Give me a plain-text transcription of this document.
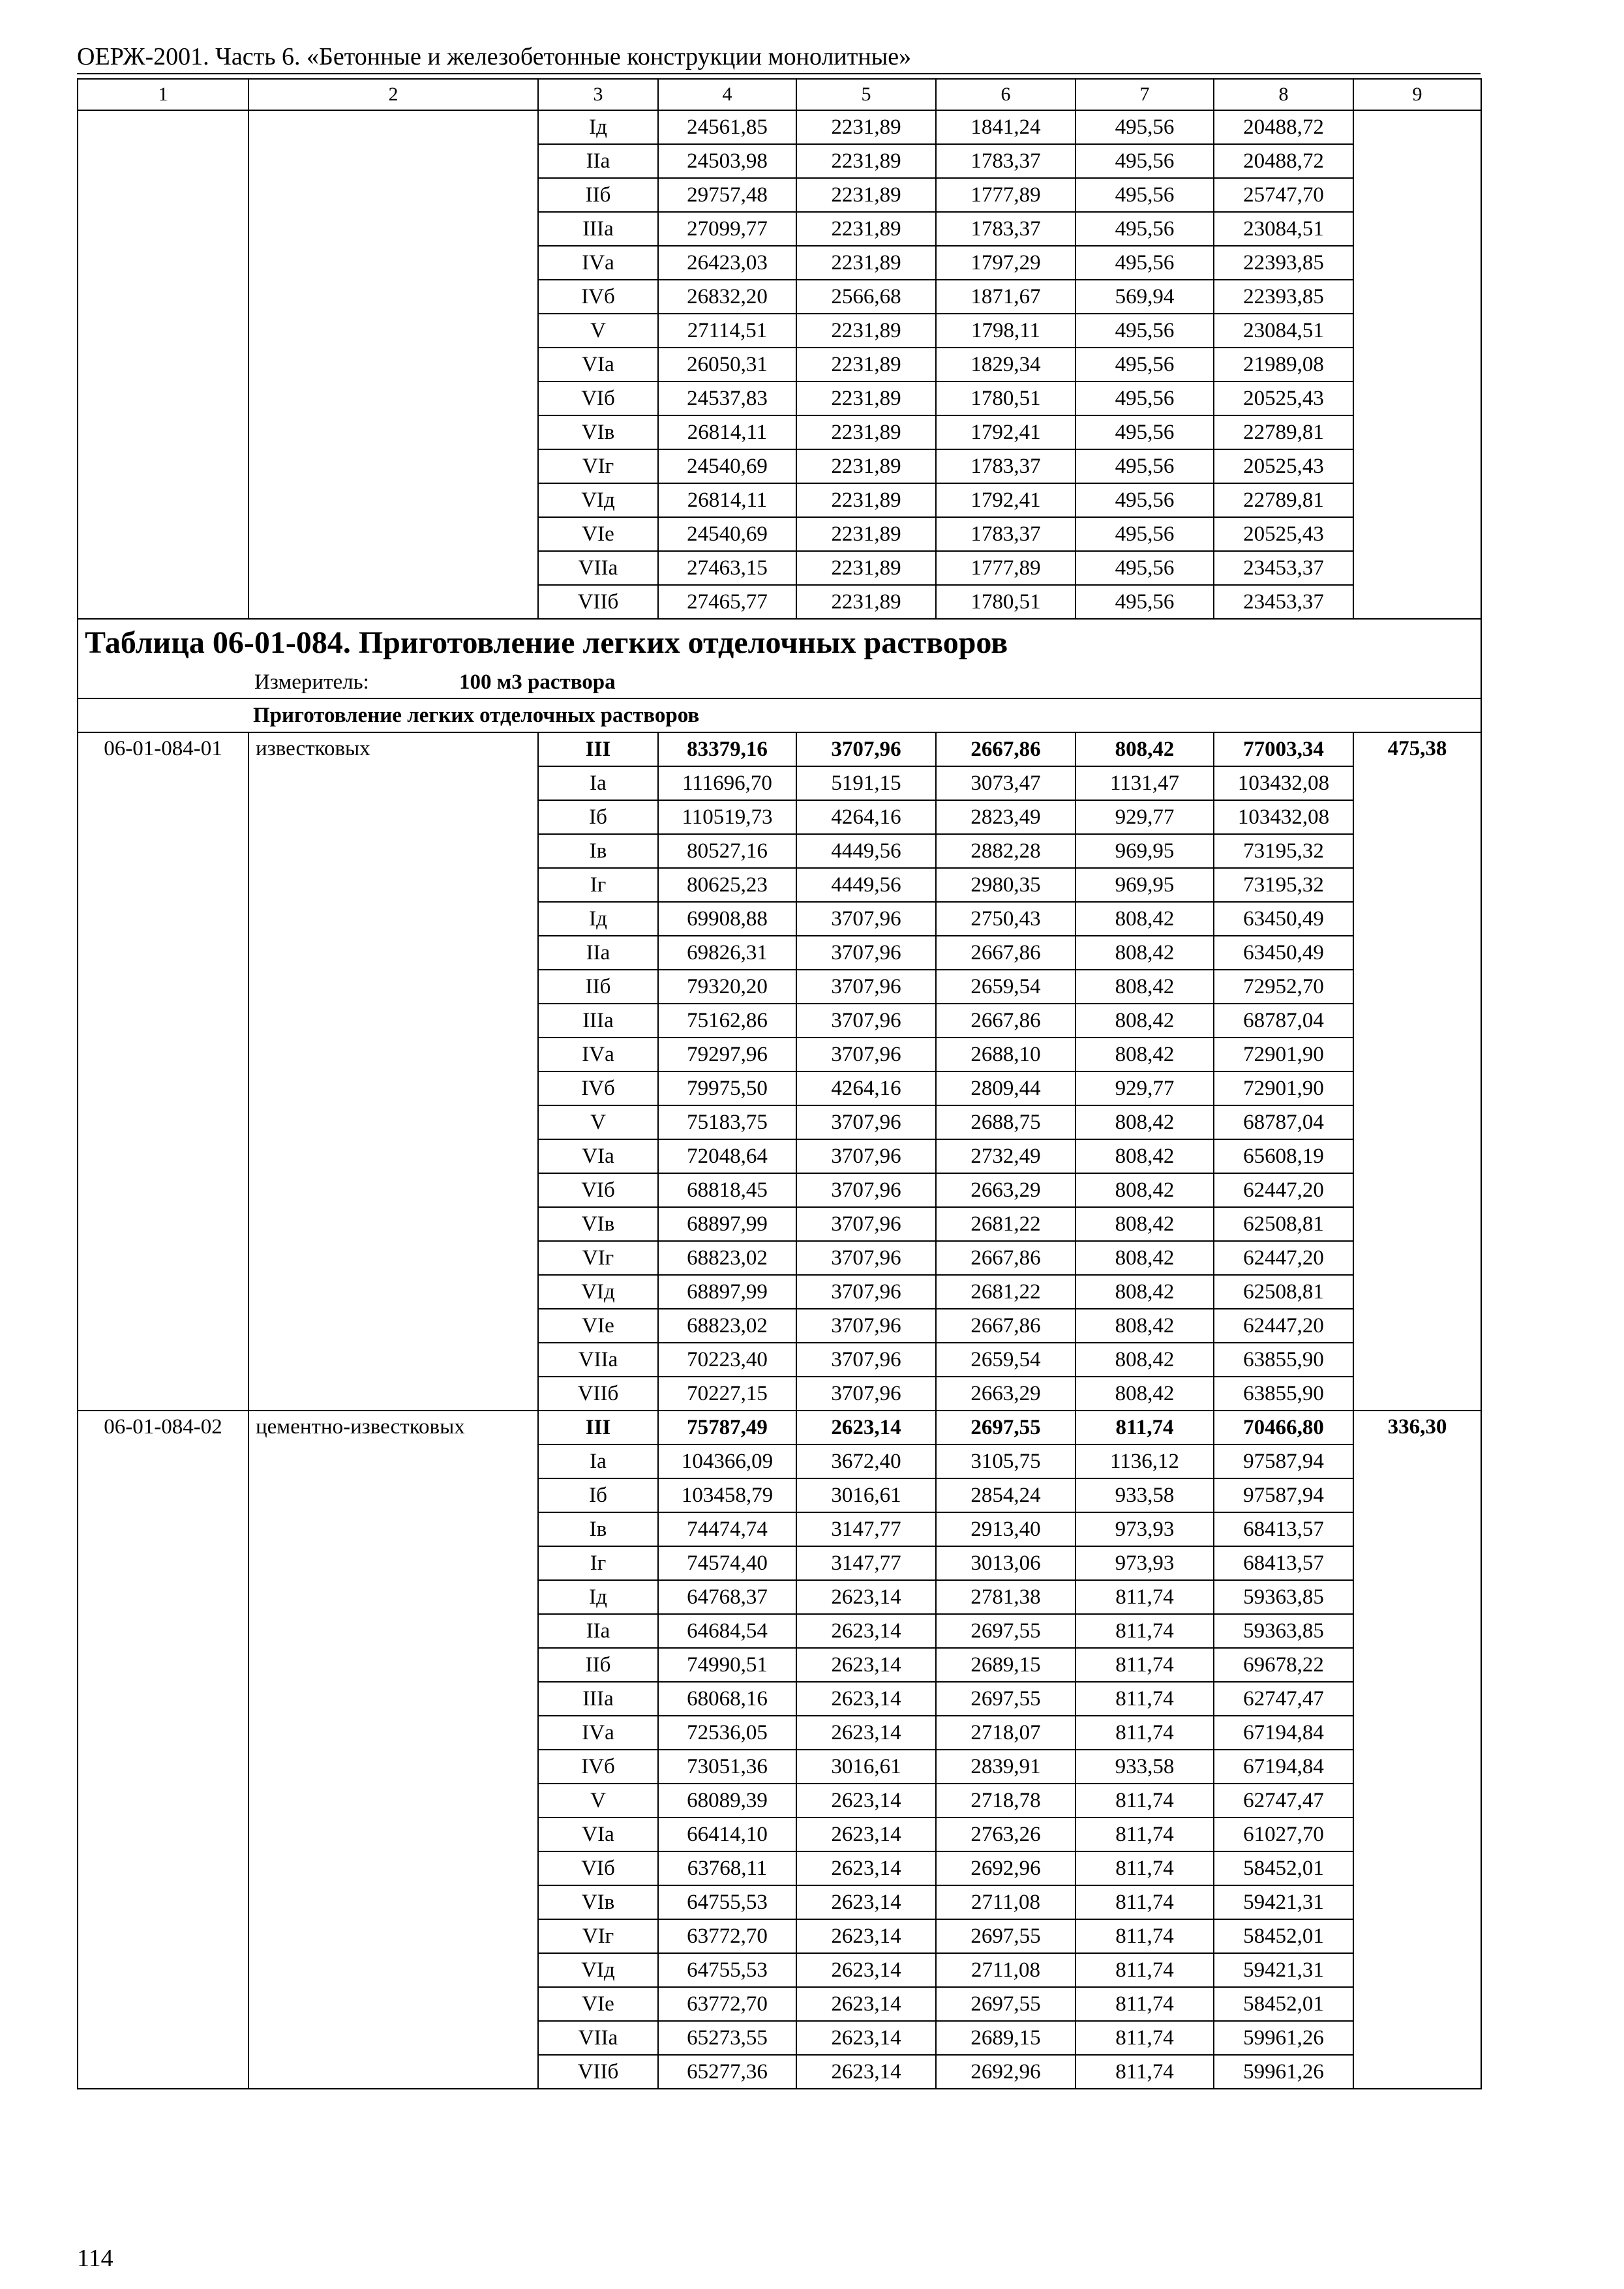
ОЕРЖ-2001. Часть 6. «Бетонные и железобетонные конструкции монолитные»
1	2	3	4	5	6	7	8	9
		Iд	24561,85	2231,89	1841,24	495,56	20488,72	
		IIа	24503,98	2231,89	1783,37	495,56	20488,72	
		IIб	29757,48	2231,89	1777,89	495,56	25747,70	
		IIIа	27099,77	2231,89	1783,37	495,56	23084,51	
		IVа	26423,03	2231,89	1797,29	495,56	22393,85	
		IVб	26832,20	2566,68	1871,67	569,94	22393,85	
		V	27114,51	2231,89	1798,11	495,56	23084,51	
		VIа	26050,31	2231,89	1829,34	495,56	21989,08	
		VIб	24537,83	2231,89	1780,51	495,56	20525,43	
		VIв	26814,11	2231,89	1792,41	495,56	22789,81	
		VIг	24540,69	2231,89	1783,37	495,56	20525,43	
		VIд	26814,11	2231,89	1792,41	495,56	22789,81	
		VIе	24540,69	2231,89	1783,37	495,56	20525,43	
		VIIа	27463,15	2231,89	1777,89	495,56	23453,37	
		VIIб	27465,77	2231,89	1780,51	495,56	23453,37	
Таблица 06-01-084. Приготовление легких отделочных растворов								
Измеритель: 100 м3 раствора								
Приготовление легких отделочных растворов								
06-01-084-01	известковых	III	83379,16	3707,96	2667,86	808,42	77003,34	475,38
		Iа	111696,70	5191,15	3073,47	1131,47	103432,08	
		Iб	110519,73	4264,16	2823,49	929,77	103432,08	
		Iв	80527,16	4449,56	2882,28	969,95	73195,32	
		Iг	80625,23	4449,56	2980,35	969,95	73195,32	
		Iд	69908,88	3707,96	2750,43	808,42	63450,49	
		IIа	69826,31	3707,96	2667,86	808,42	63450,49	
		IIб	79320,20	3707,96	2659,54	808,42	72952,70	
		IIIа	75162,86	3707,96	2667,86	808,42	68787,04	
		IVа	79297,96	3707,96	2688,10	808,42	72901,90	
		IVб	79975,50	4264,16	2809,44	929,77	72901,90	
		V	75183,75	3707,96	2688,75	808,42	68787,04	
		VIа	72048,64	3707,96	2732,49	808,42	65608,19	
		VIб	68818,45	3707,96	2663,29	808,42	62447,20	
		VIв	68897,99	3707,96	2681,22	808,42	62508,81	
		VIг	68823,02	3707,96	2667,86	808,42	62447,20	
		VIд	68897,99	3707,96	2681,22	808,42	62508,81	
		VIе	68823,02	3707,96	2667,86	808,42	62447,20	
		VIIа	70223,40	3707,96	2659,54	808,42	63855,90	
		VIIб	70227,15	3707,96	2663,29	808,42	63855,90	
06-01-084-02	цементно-известковых	III	75787,49	2623,14	2697,55	811,74	70466,80	336,30
		Iа	104366,09	3672,40	3105,75	1136,12	97587,94	
		Iб	103458,79	3016,61	2854,24	933,58	97587,94	
		Iв	74474,74	3147,77	2913,40	973,93	68413,57	
		Iг	74574,40	3147,77	3013,06	973,93	68413,57	
		Iд	64768,37	2623,14	2781,38	811,74	59363,85	
		IIа	64684,54	2623,14	2697,55	811,74	59363,85	
		IIб	74990,51	2623,14	2689,15	811,74	69678,22	
		IIIа	68068,16	2623,14	2697,55	811,74	62747,47	
		IVа	72536,05	2623,14	2718,07	811,74	67194,84	
		IVб	73051,36	3016,61	2839,91	933,58	67194,84	
		V	68089,39	2623,14	2718,78	811,74	62747,47	
		VIа	66414,10	2623,14	2763,26	811,74	61027,70	
		VIб	63768,11	2623,14	2692,96	811,74	58452,01	
		VIв	64755,53	2623,14	2711,08	811,74	59421,31	
		VIг	63772,70	2623,14	2697,55	811,74	58452,01	
		VIд	64755,53	2623,14	2711,08	811,74	59421,31	
		VIе	63772,70	2623,14	2697,55	811,74	58452,01	
		VIIа	65273,55	2623,14	2689,15	811,74	59961,26	
		VIIб	65277,36	2623,14	2692,96	811,74	59961,26	
114
